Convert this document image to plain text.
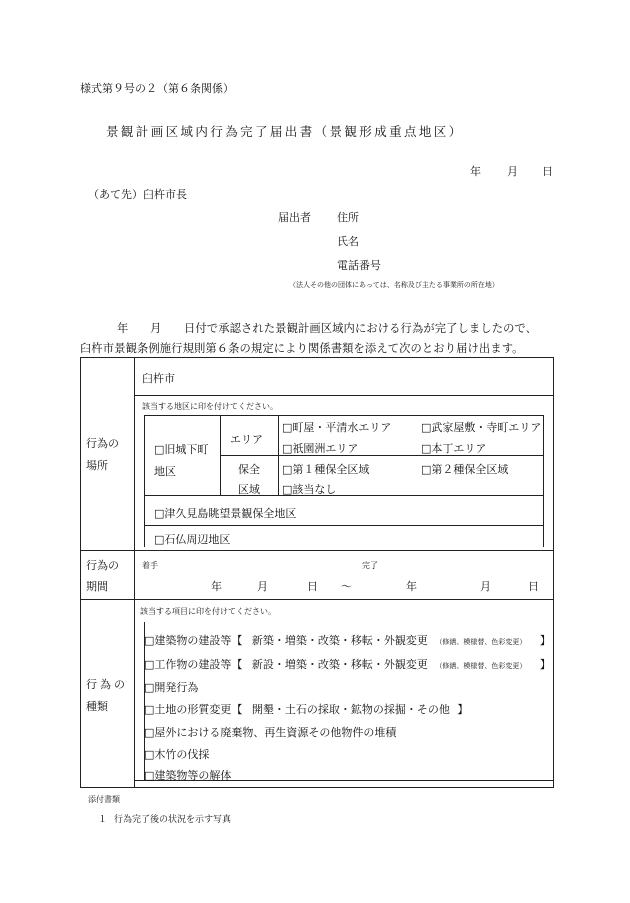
様式第９号の２（第６条関係）
景観計画区域内行為完了届出書（景観形成重点地区）
年 月 日
（あて先）臼杵市長
届出者 住所
氏名
電話番号
（法人その他の団体にあっては、名称及び主たる事業所の所在地）
年 月 日付で承認された景観計画区域内における行為が完了しましたので、
臼杵市景観条例施行規則第６条の規定により関係書類を添えて次のとおり届け出ます。
行為の
場所
臼杵市
該当する地区に印を付けてください。
□旧城下町
地区
エリア
保全
区域
□町屋・平清水エリア	□武家屋敷・寺町エリア
□祇園洲エリア	□本丁エリア
□第１種保全区域	□第２種保全区域
□該当なし
□津久見島眺望景観保全地区
□石仏周辺地区
行為の
期間
着手	完了
年	月	日 ～	年	月	日
行為の
種類
該当する項目に印を付けてください。
□建築物の建設等【 新築・増築・改築・移転・外観変更 （修繕、模様替、色彩変更） 】
□工作物の建設等【 新設・増築・改築・移転・外観変更 （修繕、模様替、色彩変更） 】
□開発行為
□土地の形質変更【 開墾・土石の採取・鉱物の採掘・その他 】
□屋外における廃棄物、再生資源その他物件の堆積
□木竹の伐採
□建築物等の解体
添付書類
１ 行為完了後の状況を示す写真
